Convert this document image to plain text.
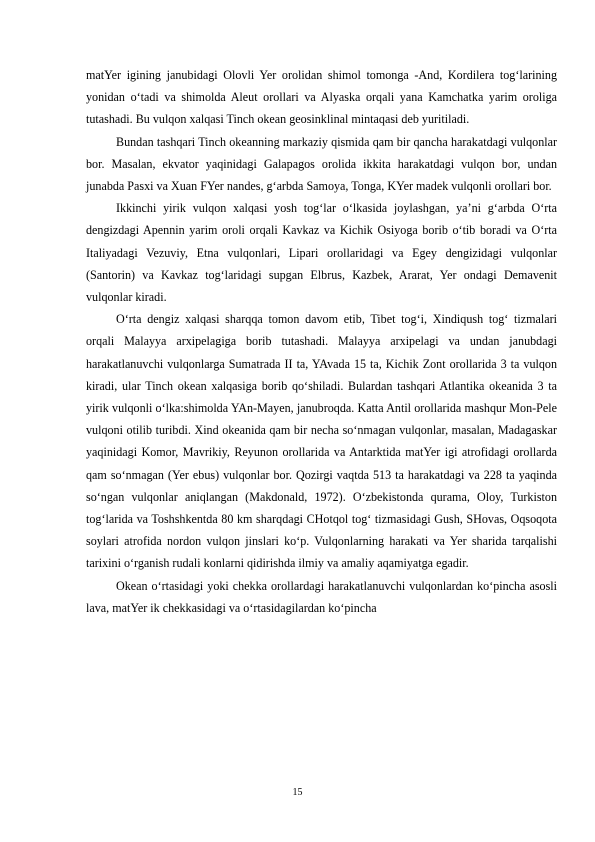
matYer igining janubidagi Olovli Yer orolidan shimol tomonga -And, Kordilera tog‘larining yonidan o‘tadi va shimolda Aleut orollari va Alyaska orqali yana Kamchatka yarim oroliga tutashadi. Bu vulqon xalqasi Tinch okean geosinklinal mintaqasi deb yuritiladi.

Bundan tashqari Tinch okeanning markaziy qismida qam bir qancha harakatdagi vulqonlar bor. Masalan, ekvator yaqinidagi Galapagos orolida ikkita harakatdagi vulqon bor, undan junabda Pasxi va Xuan FYer nandes, g‘arbda Samoya, Tonga, KYer madek vulqonli orollari bor.

Ikkinchi yirik vulqon xalqasi yosh tog‘lar o‘lkasida joylashgan, ya’ni g‘arbda O‘rta dengizdagi Apennin yarim oroli orqali Kavkaz va Kichik Osiyoga borib o‘tib boradi va O‘rta Italiyadagi Vezuviy, Etna vulqonlari, Lipari orollaridagi va Egey dengizidagi vulqonlar (Santorin) va Kavkaz tog‘laridagi supgan Elbrus, Kazbek, Ararat, Yer ondagi Demavenit vulqonlar kiradi.

O‘rta dengiz xalqasi sharqqa tomon davom etib, Tibet tog‘i, Xindiqush tog‘ tizmalari orqali Malayya arxipelagiga borib tutashadi. Malayya arxipelagi va undan janubdagi harakatlanuvchi vulqonlarga Sumatrada II ta, YAvada 15 ta, Kichik Zont orollarida 3 ta vulqon kiradi, ular Tinch okean xalqasiga borib qo‘shiladi. Bulardan tashqari Atlantika okeanida 3 ta yirik vulqonli o‘lka:shimolda YAn-Mayen, janubroqda. Katta Antil orollarida mashqur Mon-Pele vulqoni otilib turibdi. Xind okeanida qam bir necha so‘nmagan vulqonlar, masalan, Madagaskar yaqinidagi Komor, Mavrikiy, Reyunon orollarida va Antarktida matYer igi atrofidagi orollarda qam so‘nmagan (Yer ebus) vulqonlar bor. Qozirgi vaqtda 513 ta harakatdagi va 228 ta yaqinda so‘ngan vulqonlar aniqlangan (Makdonald, 1972). O‘zbekistonda qurama, Oloy, Turkiston tog‘larida va Toshshkentda 80 km sharqdagi CHotqol tog‘ tizmasidagi Gush, SHovas, Oqsoqota soylari atrofida nordon vulqon jinslari ko‘p. Vulqonlarning harakati va Yer sharida tarqalishi tarixini o‘rganish rudali konlarni qidirishda ilmiy va amaliy aqamiyatga egadir.

Okean o‘rtasidagi yoki chekka orollardagi harakatlanuvchi vulqonlardan ko‘pincha asosli lava, matYer ik chekkasidagi va o‘rtasidagilardan ko‘pincha

15
